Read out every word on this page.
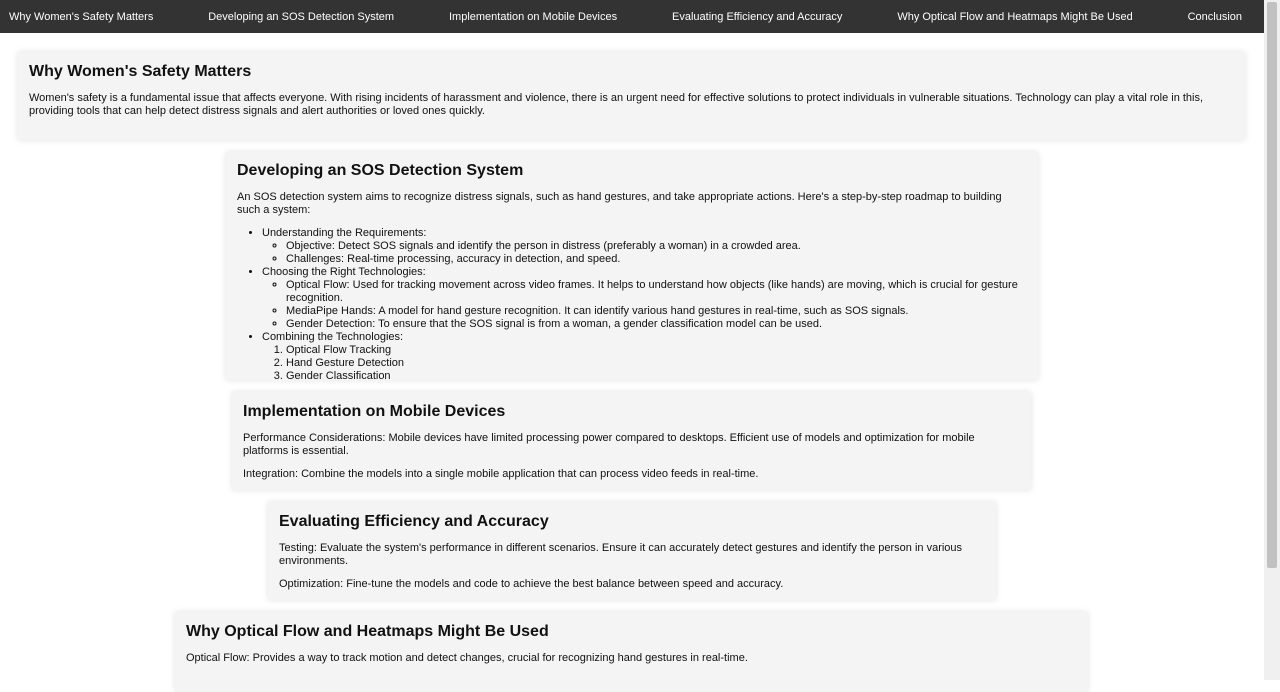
Why Women's Safety Matters	Developing an SOS Detection System	Implementation on Mobile Devices	Evaluating Efficiency and Accuracy	Why Optical Flow and Heatmaps Might Be Used	Conclusion
Why Women's Safety Matters

Women's safety is a fundamental issue that affects everyone. With rising incidents of harassment and violence, there is an urgent need for effective solutions to protect individuals in vulnerable situations. Technology can play a vital role in this, providing tools that can help detect distress signals and alert authorities or loved ones quickly.

Developing an SOS Detection System

An SOS detection system aims to recognize distress signals, such as hand gestures, and take appropriate actions. Here's a step-by-step roadmap to building such a system:

• Understanding the Requirements:
◦ Objective: Detect SOS signals and identify the person in distress (preferably a woman) in a crowded area.
◦ Challenges: Real-time processing, accuracy in detection, and speed.
• Choosing the Right Technologies:
◦ Optical Flow: Used for tracking movement across video frames. It helps to understand how objects (like hands) are moving, which is crucial for gesture recognition.
◦ MediaPipe Hands: A model for hand gesture recognition. It can identify various hand gestures in real-time, such as SOS signals.
◦ Gender Detection: To ensure that the SOS signal is from a woman, a gender classification model can be used.
• Combining the Technologies:
1. Optical Flow Tracking
2. Hand Gesture Detection
3. Gender Classification
Implementation on Mobile Devices

Performance Considerations: Mobile devices have limited processing power compared to desktops. Efficient use of models and optimization for mobile platforms is essential.

Integration: Combine the models into a single mobile application that can process video feeds in real-time.

Evaluating Efficiency and Accuracy

Testing: Evaluate the system's performance in different scenarios. Ensure it can accurately detect gestures and identify the person in various environments.

Optimization: Fine-tune the models and code to achieve the best balance between speed and accuracy.

Why Optical Flow and Heatmaps Might Be Used

Optical Flow: Provides a way to track motion and detect changes, crucial for recognizing hand gestures in real-time.
